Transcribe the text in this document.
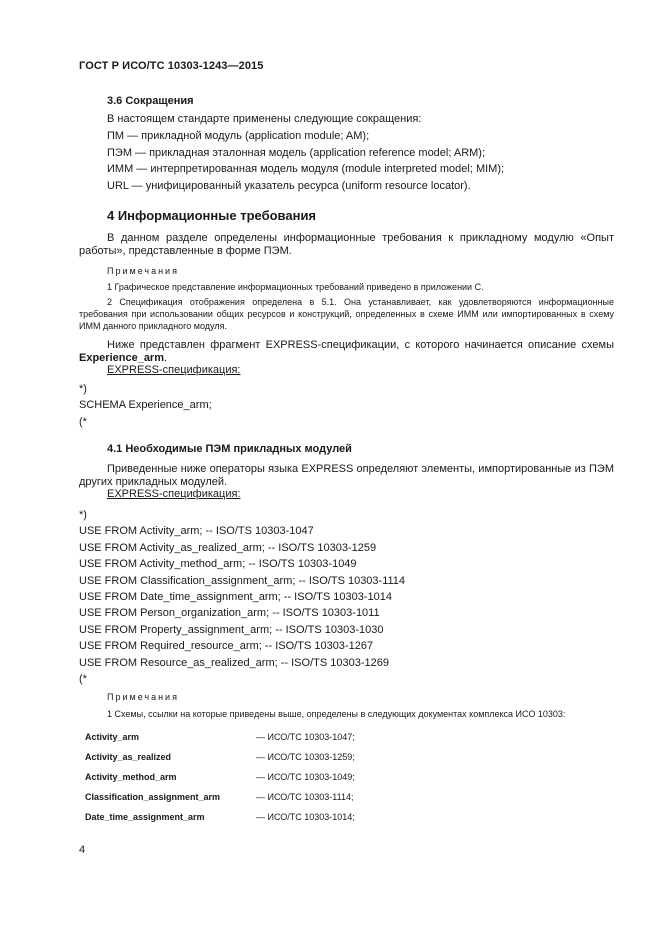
ГОСТ Р ИСО/ТС 10303-1243—2015
3.6 Сокращения
В настоящем стандарте применены следующие сокращения:
ПМ — прикладной модуль (application module; AM);
ПЭМ — прикладная эталонная модель (application reference model; ARM);
ИММ — интерпретированная модель модуля (module interpreted model; MIM);
URL — унифицированный указатель ресурса (uniform resource locator).
4 Информационные требования
В данном разделе определены информационные требования к прикладному модулю «Опыт работы», представленные в форме ПЭМ.
Примечания
1 Графическое представление информационных требований приведено в приложении С.
2 Спецификация отображения определена в 5.1. Она устанавливает, как удовлетворяются информационные требования при использовании общих ресурсов и конструкций, определенных в схеме ИММ или импортированных в схему ИММ данного прикладного модуля.
Ниже представлен фрагмент EXPRESS-спецификации, с которого начинается описание схемы Experience_arm.
EXPRESS-спецификация:
*)
SCHEMA Experience_arm;
(*
4.1 Необходимые ПЭМ прикладных модулей
Приведенные ниже операторы языка EXPRESS определяют элементы, импортированные из ПЭМ других прикладных модулей.
EXPRESS-спецификация:
*)
USE FROM Activity_arm; -- ISO/TS 10303-1047
USE FROM Activity_as_realized_arm; -- ISO/TS 10303-1259
USE FROM Activity_method_arm; -- ISO/TS 10303-1049
USE FROM Classification_assignment_arm; -- ISO/TS 10303-1114
USE FROM Date_time_assignment_arm; -- ISO/TS 10303-1014
USE FROM Person_organization_arm; -- ISO/TS 10303-1011
USE FROM Property_assignment_arm; -- ISO/TS 10303-1030
USE FROM Required_resource_arm; -- ISO/TS 10303-1267
USE FROM Resource_as_realized_arm; -- ISO/TS 10303-1269
(*
Примечания
1 Схемы, ссылки на которые приведены выше, определены в следующих документах комплекса ИСО 10303:
Activity_arm	— ИСО/ТС 10303-1047;
Activity_as_realized	— ИСО/ТС 10303-1259;
Activity_method_arm	— ИСО/ТС 10303-1049;
Classification_assignment_arm	— ИСО/ТС 10303-1114;
Date_time_assignment_arm	— ИСО/ТС 10303-1014;
4
